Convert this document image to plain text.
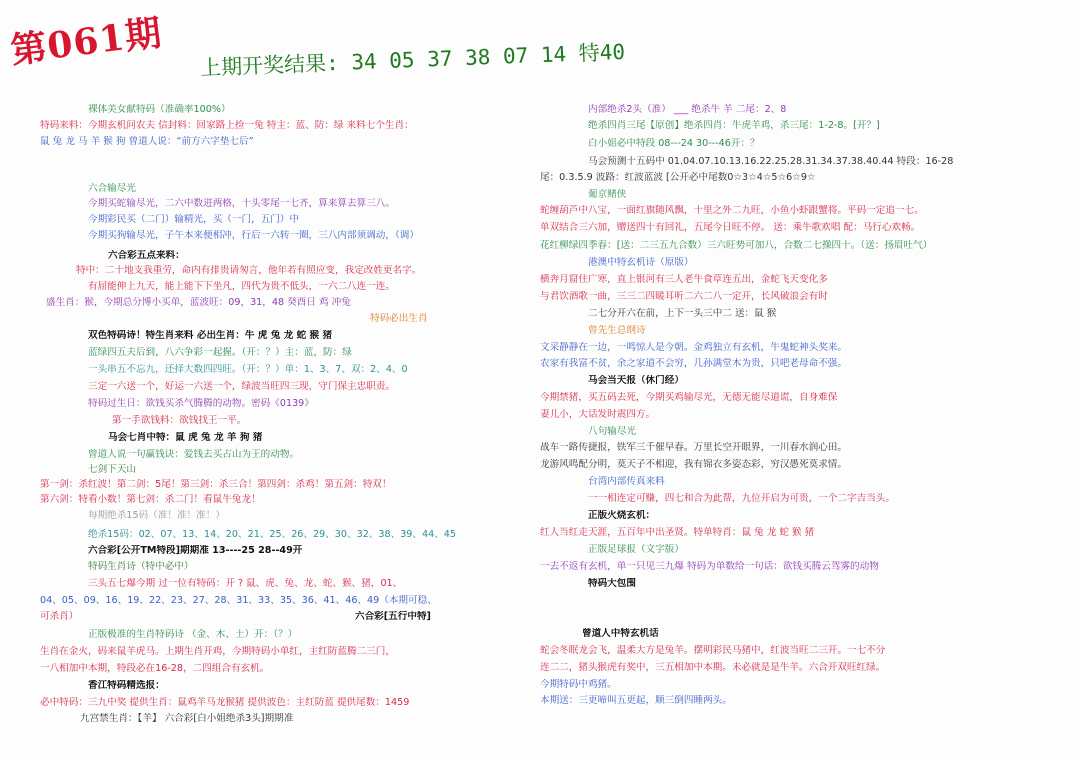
第061期 上期开奖结果: 34 05 37 38 07 14 特40
裸体美女献特码（准确率100%）
特码来料：今期玄机问农夫 信封料：回家路上捡一兔 特主：蓝、防：绿 来料七个生肖：
鼠 兔 龙 马 羊 猴 狗 曾道人说：“前方六字垫七后”
六合输尽光
今期买蛇输尽光，二六中数进两格，十头零尾一七齐，算来算去算三八。
今期彩民买（二门）输精光，买（一门，五门）中
今期买狗输尽光，子午本来便相冲，行后一六转一圈，三八内部须调动，（调）
六合彩五点来料：
特中：二十地支我重劳，命内有排贵请匆言，他年若有照应变，我定改姓更名字。
有屈能伸上九天，能上能下下坐凡，四代为贵不低头，一六二八连一连。
盛生肖：猴，今期总分博小买单，蓝波旺：09，31，48 癸酉日 鸡 冲兔
特码必出生肖
双色特码诗！特生肖来料 必出生肖：牛 虎 兔 龙 蛇 猴 猪
蓝绿四五夫后到，八六争彩一起握。（开：？）主：蓝，防：绿
一头串五不忘九，还择大数四四旺。（开：？）单：1、3、7、双：2、4、0
三定一六送一个，好运一六送一个，绿波当旺四三现，守门保主忠职责。
特码过生日：欲钱买杀气腾腾的动物。密码《0139》
第一手欲钱料：欲钱找王一平。
马会七肖中特：鼠 虎 兔 龙 羊 狗 猪
曾道人说一句赢钱诀：爱钱去买占山为王的动物。
七剑下天山
第一剑：杀红波！第二剑：5尾！第三剑：杀三合！第四剑：杀鸡！第五剑：特双！
第六剑：特看小数！第七剑：杀二门！看鼠牛兔龙！
每期绝杀15码（准！准！准！）
绝杀15码：02、07、13、14、20、21、25、26、29、30、32、38、39、44、45
六合彩[公开TM特段]期期准 13----25 28--49开
特码生肖诗（特中必中）
三头五七爆今期 过一位有特码：开 ? 鼠、虎、兔、龙、蛇、猴、猪，01、
04、05、09、16、19、22、23、27、28、31、33、35、36、41、46、49（本期可稳、
可杀肖）	六合彩[五行中特]
正版极准的生肖特码诗 （金、木、土）开：（？）
生肖在金火，码来鼠羊虎马。上期生肖开鸡，今期特码小单红，主红防蓝腾二三门，
一八相加中本期，特段必在16-28，二四组合有玄机。
香江特码精选报：
必中特码：三九中奖 提供生肖：鼠鸡羊马龙猴猪 提供波色：主红防蓝 提供尾数：1459
九宫禁生肖：【羊】 六合彩[白小姐绝杀3头]期期准
内部绝杀2头（准） ___ 绝杀牛 羊 二尾：2、8
绝杀四肖三尾【原创】绝杀四肖：牛虎羊鸡，杀三尾：1-2-8。[开？]
白小姐必中特段 08---24 30---46开：？
马会预测十五码中 01.04.07.10.13.16.22.25.28.31.34.37.38.40.44 特段：16-28
尾：0.3.5.9 波路：红波蓝波 [公开必中尾数0☆3☆4☆5☆6☆9☆
葡京赌侠
蛇缠葫芦中八宝，一面红旗随风飘，十里之外二九旺，小鱼小虾跟蟹将。平码一定追一七。
单双结合三六加，赠送四十有回礼，五尾今日旺不停。 送：乘牛歌欢唱 配：马行心欢畅。
花红柳绿四季春：[送：二三五九合数）三六旺势可加八，合数二七操四十。（送：扬眉吐气）
港澳中特玄机诗（原版）
横奔月窟住广寒，直上银河有三人老牛食草连五出，金蛇飞天变化多
与君饮酒歌一曲，三三二四暖耳听二六二八一定开，长风破浪会有时
二七分开六在前，上下一头三中二 送：鼠 猴
曾先生总纲诗
文采静静在一边，一鸣惊人是今朝。金鸡独立有玄机，牛鬼蛇神头奖来。
农家有我富不贫，余之家道不会穷，几孙满堂木为贵，只吧老母命不强。
马会当天报（休门经）
今期禁猪，买五码去死，今期买鸡输尽光，无德无能尽道谎，自身难保
妻儿小，大话发时震四方。
八句输尽光
战车一路传捷报，铁军三千催早春。万里长空开眼界，一川春水润心田。
龙游风鸣配分明，莫天子不相迎，我有锦衣多姿态彩，穷汉愚死莫求情。
台湾内部传真来料
一一相连定可赚，四七和合为此帮，九位开启为可贵，一个二字吉当头。
正版火烧玄机：
红人当红走天涯，五百年中出圣贤。特单特肖：鼠 兔 龙 蛇 猴 猪
正版足球报（文字版）
一去不返有玄机，单一只见三九爆 特码为单数给一句话：欲钱买腾云驾雾的动物
特码大包围
曾道人中特玄机话
蛇会冬眠龙会飞，温柔大方是兔羊。摆明彩民马猪中，红波当旺二三开。一七不分
连二二，猪头猴虎有奖中，三五相加中本期。未必就是是牛羊。六合开双旺红绿。
今期特码中鸡猪。
本期送：三更啼叫五更起，顺三倒四睡两头。
